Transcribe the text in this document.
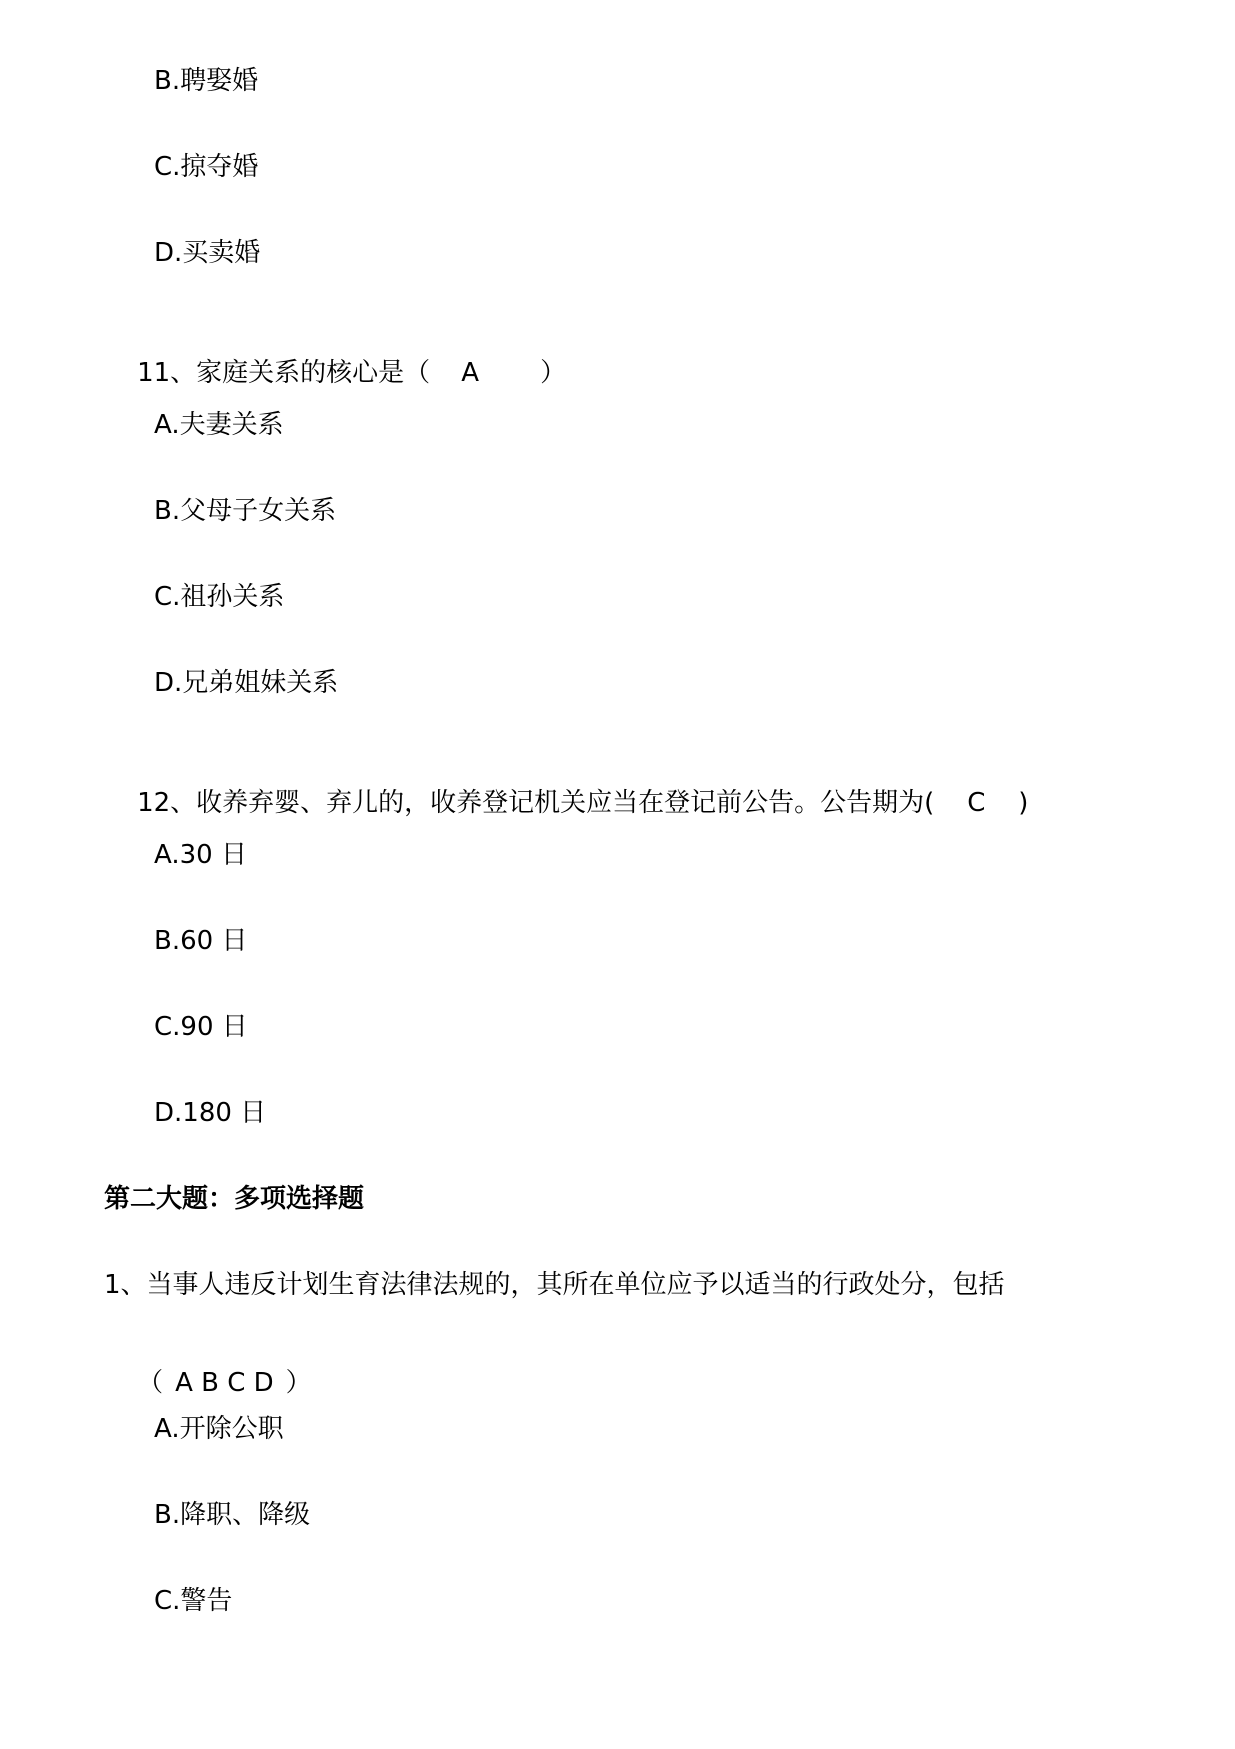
B.聘娶婚
C.掠夺婚
D.买卖婚

11、家庭关系的核心是（ A ）

A.夫妻关系
B.父母子女关系
C.祖孙关系
D.兄弟姐妹关系

12、收养弃婴、弃儿的，收养登记机关应当在登记前公告。公告期为( C )

A.30 日
B.60 日
C.90 日
D.180 日
第二大题：多项选择题
1、当事人违反计划生育法律法规的，其所在单位应予以适当的行政处分，包括

（ A B C D ）

A.开除公职
B.降职、降级
C.警告
